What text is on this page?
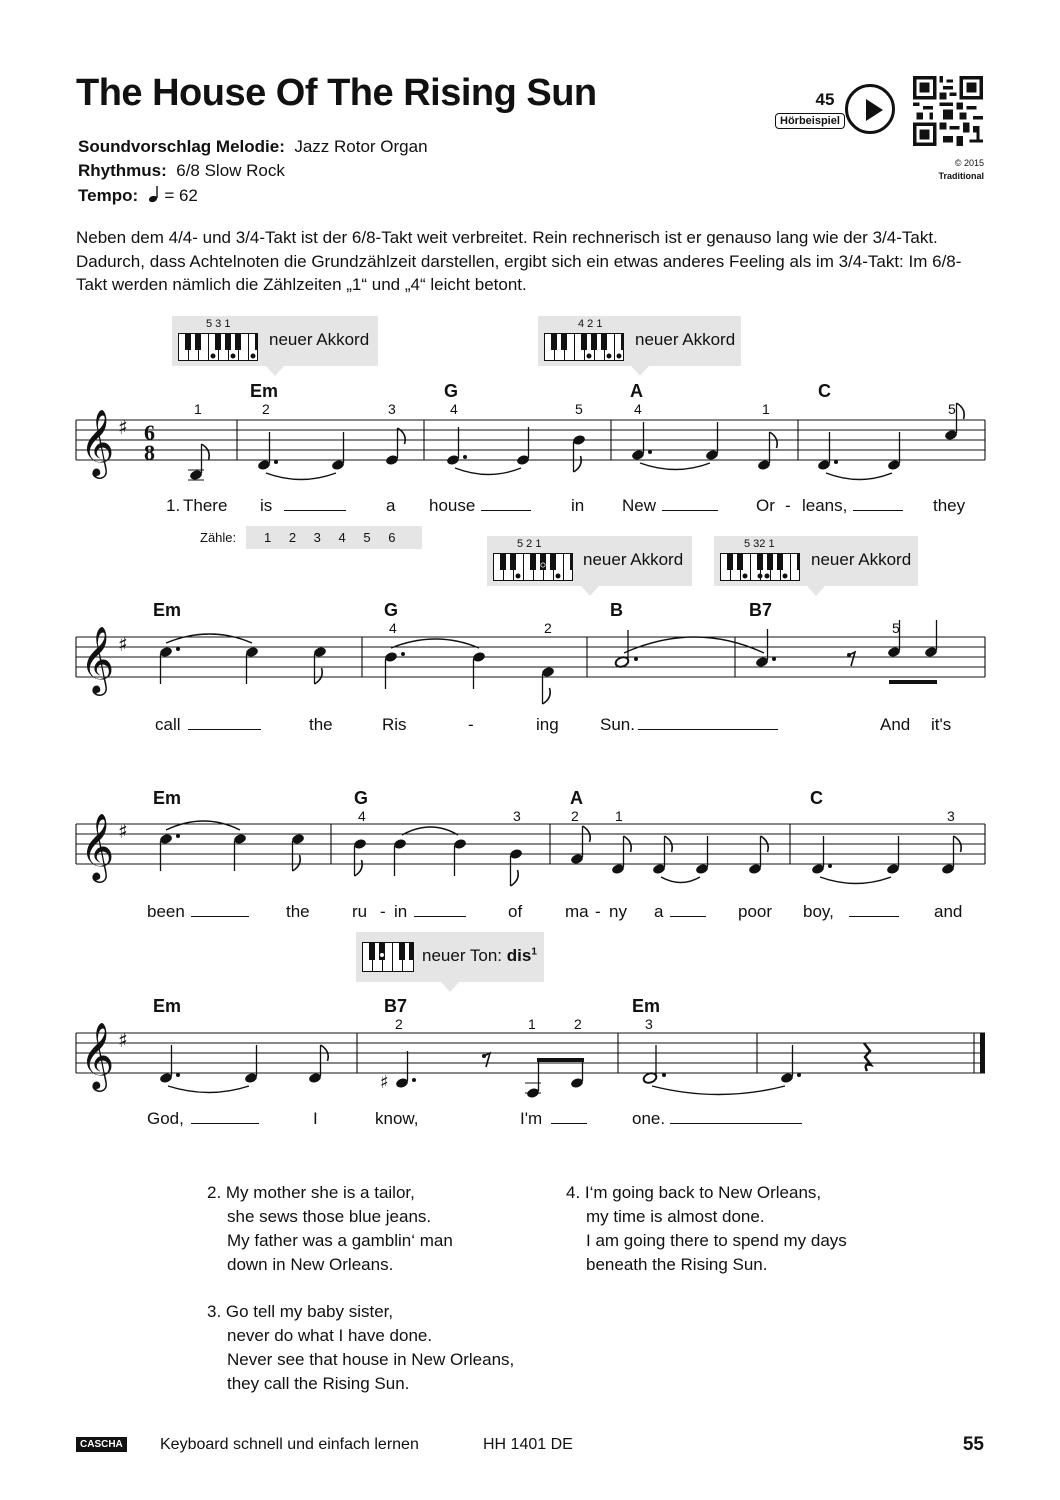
The House Of The Rising Sun
Soundvorschlag Melodie: Jazz Rotor Organ
Rhythmus: 6/8 Slow Rock
Tempo: = 62
45
Hörbeispiel
© 2015
Traditional
Neben dem 4/4- und 3/4-Takt ist der 6/8-Takt weit verbreitet. Rein rechnerisch ist er genauso lang wie der 3/4-Takt. Dadurch, dass Achtelnoten die Grundzählzeit darstellen, ergibt sich ein etwas anderes Feeling als im 3/4-Takt: Im 6/8-Takt werden nämlich die Zählzeiten „1“ und „4“ leicht betont.
5 3 1
neuer Akkord
4 2 1
neuer Akkord
5 2 1
neuer Akkord
5 32 1
neuer Akkord
neuer Ton: dis$^1$
Em	G	A	C
1	2	3	4	5	4	1	5
𝄞 ♯ 6
8
1. There is	a house	in New	Or - leans,	they
Zähle: 1 2 3 4 5 6
Em	G	B	B7
4	2	5
𝄞 ♯
call	the	Ris	-	ing Sun.	And it's
Em	G	A	C
4	3	2	1	3
𝄞 ♯
been	the ru - in	of	ma - ny a	poor boy,	and
Em	B7	Em
2	1	2	3
𝄞 ♯
♯
God,	I	know,	I'm	one.
2. My mother she is a tailor,
she sews those blue jeans.
My father was a gamblin‘ man
down in New Orleans.
3. Go tell my baby sister,
never do what I have done.
Never see that house in New Orleans,
they call the Rising Sun.
4. I‘m going back to New Orleans,
my time is almost done.
I am going there to spend my days
beneath the Rising Sun.
CASCHA Keyboard schnell und einfach lernen	HH 1401 DE	55
